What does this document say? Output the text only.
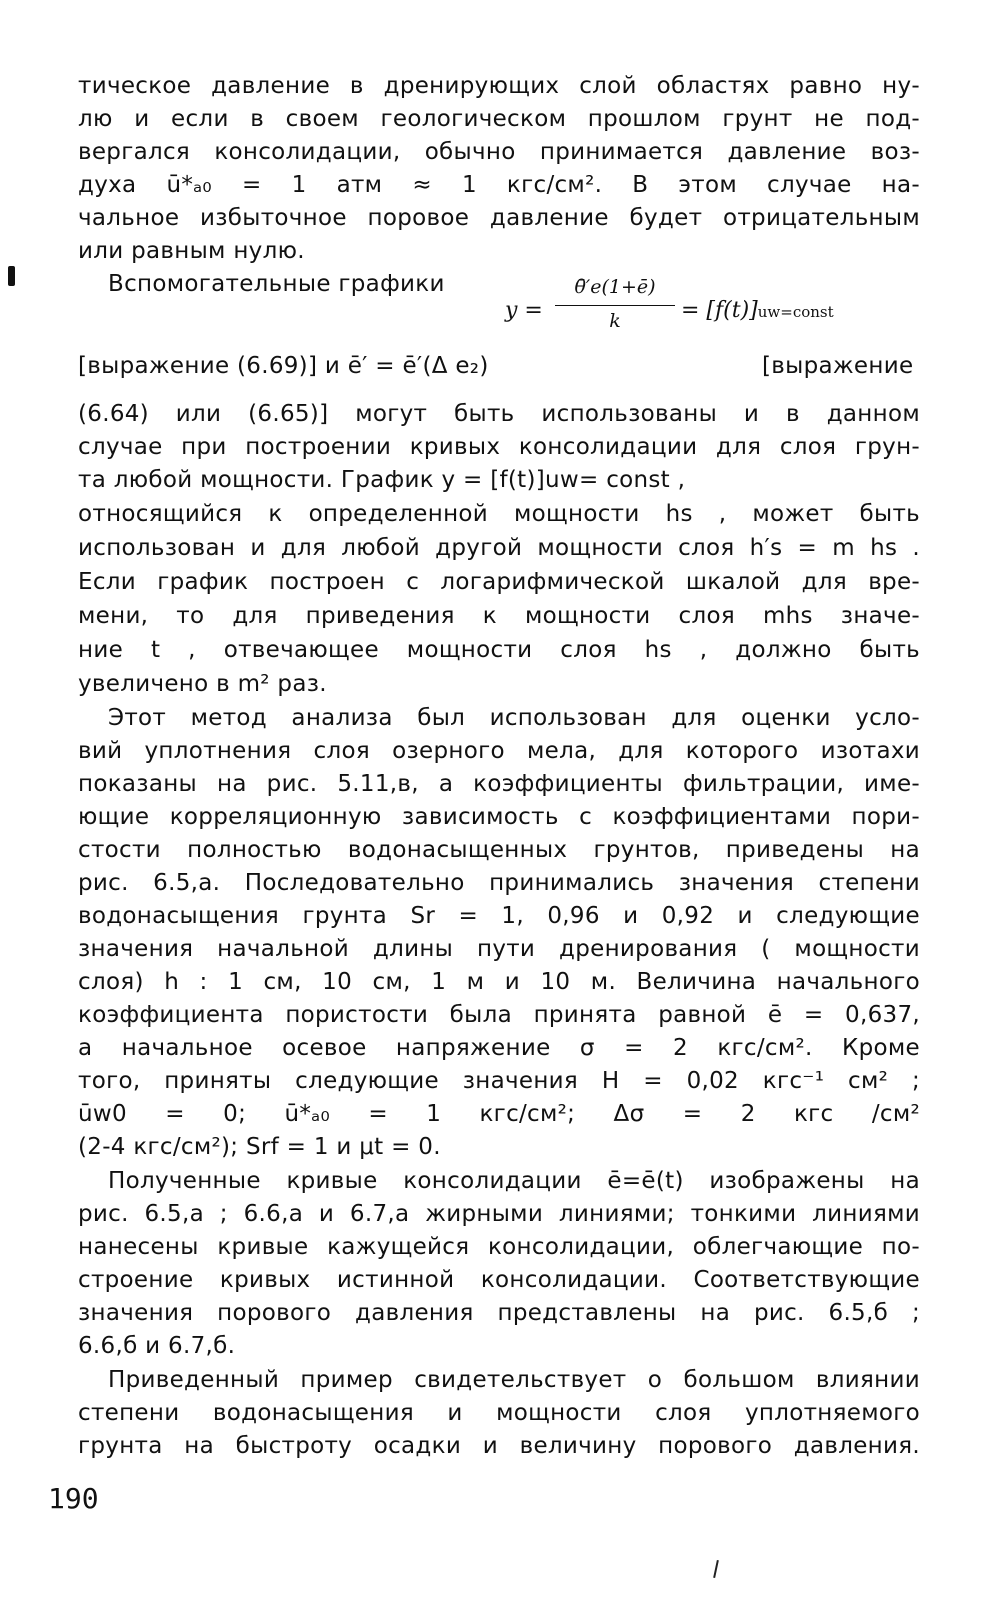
тическое давление в дренирующих слой областях равно ну-
лю и если в своем геологическом прошлом грунт не под-
вергался консолидации, обычно принимается давление воз-
духа ū*ₐ₀ = 1 атм ≈ 1 кгс/см². В этом случае на-
чальное избыточное поровое давление будет отрицательным
или равным нулю.
Вспомогательные графики
y =
θ̄′e(1+ē)
k	= [f(t)]uw=const
[выражение (6.69)] и ē′ = ē′(Δ e₂)	[выражение
(6.64) или (6.65)] могут быть использованы и в данном
случае при построении кривых консолидации для слоя грун-
та любой мощности. График y = [f(t)]uw= const ,
относящийся к определенной мощности hs , может быть
использован и для любой другой мощности слоя h′s = m hs .
Если график построен с логарифмической шкалой для вре-
мени, то для приведения к мощности слоя mhs значе-
ние t , отвечающее мощности слоя hs , должно быть
увеличено в m² раз.
Этот метод анализа был использован для оценки усло-
вий уплотнения слоя озерного мела, для которого изотахи
показаны на рис. 5.11,в, а коэффициенты фильтрации, име-
ющие корреляционную зависимость с коэффициентами пори-
стости полностью водонасыщенных грунтов, приведены на
рис. 6.5,а. Последовательно принимались значения степени
водонасыщения грунта Sr = 1, 0,96 и 0,92 и следующие
значения начальной длины пути дренирования ( мощности
слоя) h : 1 см, 10 см, 1 м и 10 м. Величина начального
коэффициента пористости была принята равной ē = 0,637,
а начальное осевое напряжение σ = 2 кгс/см². Кроме
того, приняты следующие значения H = 0,02 кгс⁻¹ см² ;
ūw0 = 0; ū*ₐ₀ = 1 кгс/см²; Δσ = 2 кгс /см²
(2-4 кгс/см²); Srf = 1 и μt = 0.
Полученные кривые консолидации ē=ē(t) изображены на
рис. 6.5,а ; 6.6,а и 6.7,а жирными линиями; тонкими линиями
нанесены кривые кажущейся консолидации, облегчающие по-
строение кривых истинной консолидации. Соответствующие
значения порового давления представлены на рис. 6.5,б ;
6.6,б и 6.7,б.
Приведенный пример свидетельствует о большом влиянии
степени водонасыщения и мощности слоя уплотняемого
грунта на быстроту осадки и величину порового давления.
190
